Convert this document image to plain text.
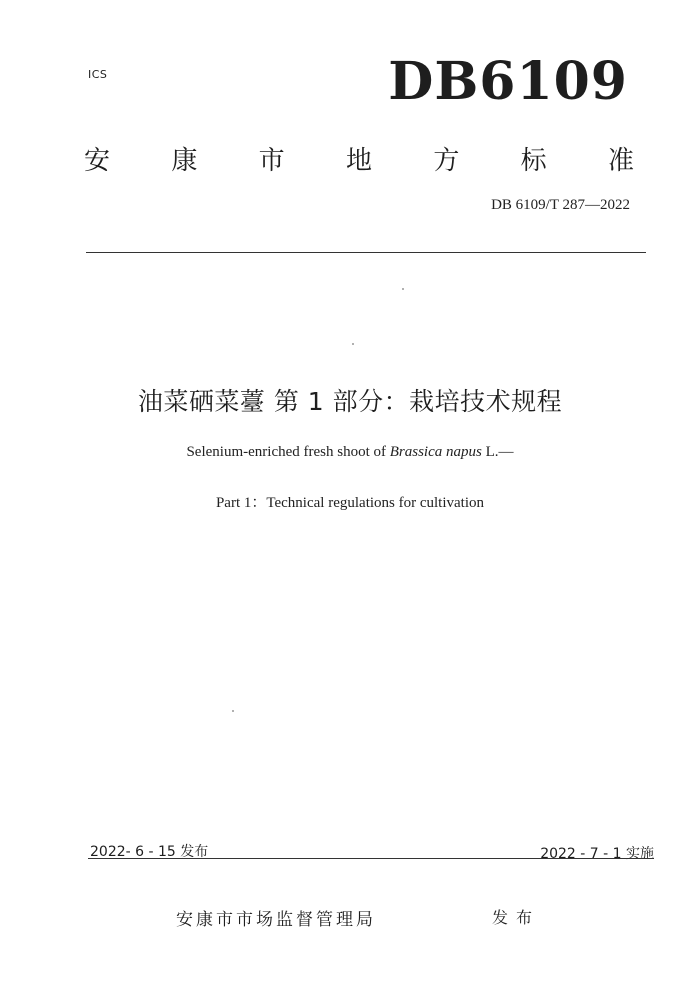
ICS	DB6109
安 康 市 地 方 标 准
DB 6109/T 287—2022
油菜硒菜薹 第 1 部分：栽培技术规程
Selenium-enriched fresh shoot of Brassica napus L.—
Part 1：Technical regulations for cultivation
2022- 6 - 15 发布	2022 - 7 - 1 实施
安康市市场监督管理局	发布
